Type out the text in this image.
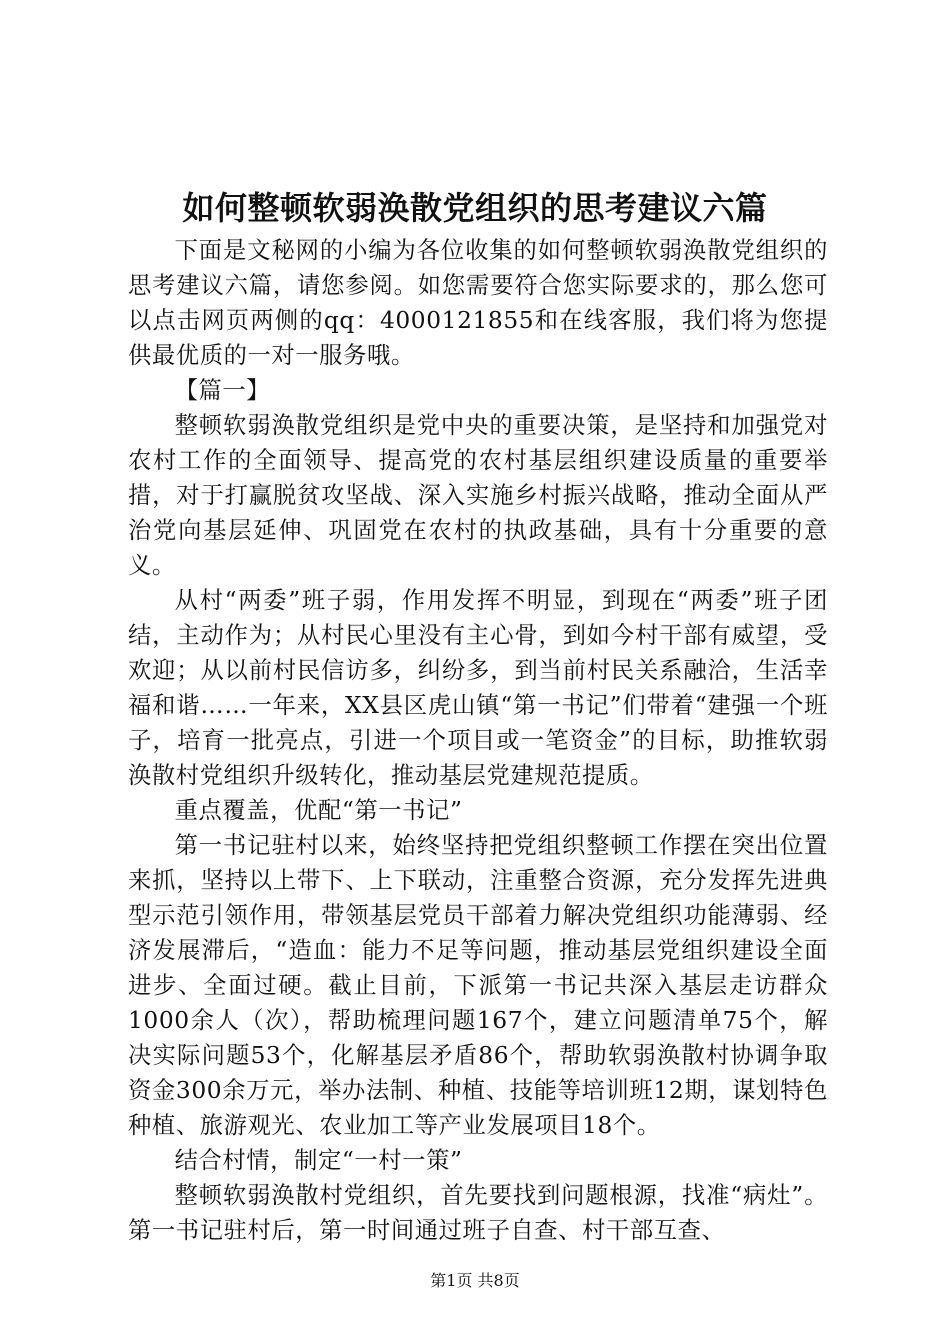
如何整顿软弱涣散党组织的思考建议六篇

下面是文秘网的小编为各位收集的如何整顿软弱涣散党组织的思考建议六篇，请您参阅。如您需要符合您实际要求的，那么您可以点击网页两侧的qq：4000121855和在线客服，我们将为您提供最优质的一对一服务哦。

【篇一】

整顿软弱涣散党组织是党中央的重要决策，是坚持和加强党对农村工作的全面领导、提高党的农村基层组织建设质量的重要举措，对于打赢脱贫攻坚战、深入实施乡村振兴战略，推动全面从严治党向基层延伸、巩固党在农村的执政基础，具有十分重要的意义。

从村“两委”班子弱，作用发挥不明显，到现在“两委”班子团结，主动作为；从村民心里没有主心骨，到如今村干部有威望，受欢迎；从以前村民信访多，纠纷多，到当前村民关系融洽，生活幸福和谐……一年来，XX县区虎山镇“第一书记”们带着“建强一个班子，培育一批亮点，引进一个项目或一笔资金”的目标，助推软弱涣散村党组织升级转化，推动基层党建规范提质。

重点覆盖，优配“第一书记”

第一书记驻村以来，始终坚持把党组织整顿工作摆在突出位置来抓，坚持以上带下、上下联动，注重整合资源，充分发挥先进典型示范引领作用，带领基层党员干部着力解决党组织功能薄弱、经济发展滞后，“造血：能力不足等问题，推动基层党组织建设全面进步、全面过硬。截止目前，下派第一书记共深入基层走访群众1000余人（次），帮助梳理问题167个，建立问题清单75个，解决实际问题53个，化解基层矛盾86个，帮助软弱涣散村协调争取资金300余万元，举办法制、种植、技能等培训班12期，谋划特色种植、旅游观光、农业加工等产业发展项目18个。

结合村情，制定“一村一策”

整顿软弱涣散村党组织，首先要找到问题根源，找准“病灶”。第一书记驻村后，第一时间通过班子自查、村干部互查、

第1页 共8页
